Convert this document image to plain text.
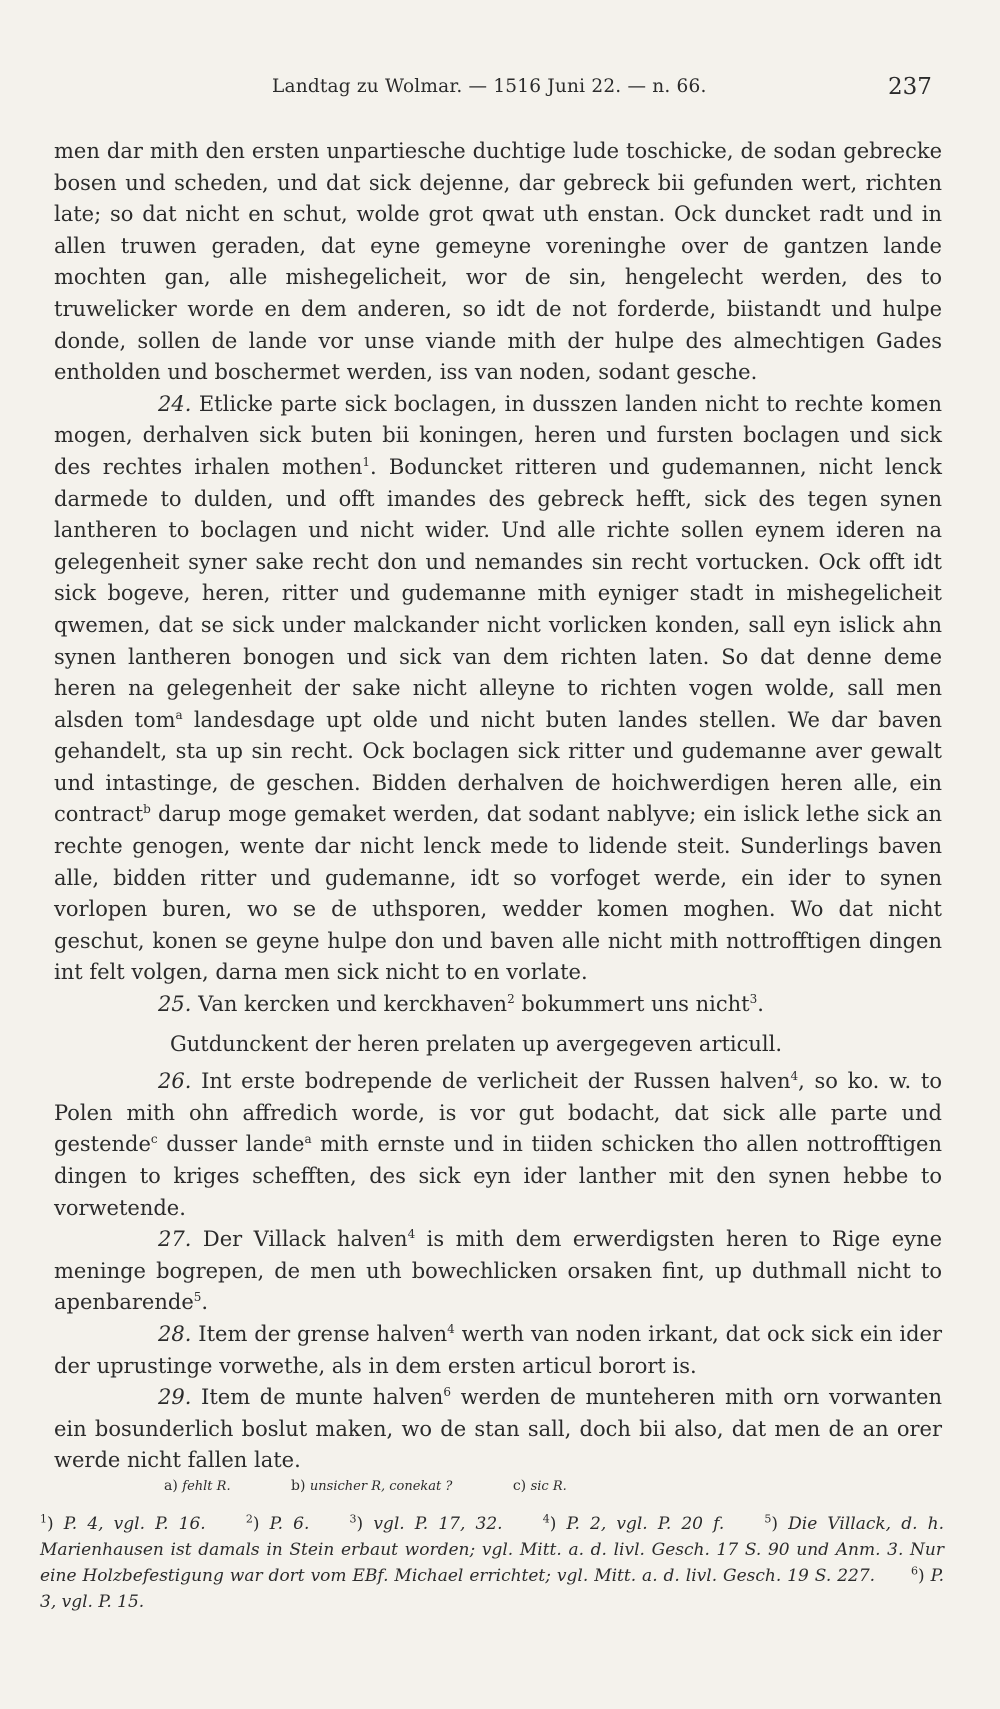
Landtag zu Wolmar. — 1516 Juni 22. — n. 66.	237

men dar mith den ersten unpartiesche duchtige lude toschicke, de sodan gebrecke bosen und scheden, und dat sick dejenne, dar gebreck bii gefunden wert, richten late; so dat nicht en schut, wolde grot qwat uth enstan. Ock duncket radt und in allen truwen geraden, dat eyne gemeyne voreninghe over de gantzen lande mochten gan, alle mishegelicheit, wor de sin, hengelecht werden, des to truwelicker worde en dem anderen, so idt de not forderde, biistandt und hulpe donde, sollen de lande vor unse viande mith der hulpe des almechtigen Gades entholden und boschermet werden, iss van noden, sodant gesche.

24. Etlicke parte sick boclagen, in dusszen landen nicht to rechte komen mogen, derhalven sick buten bii koningen, heren und fursten boclagen und sick des rechtes irhalen mothen$^1$. Boduncket ritteren und gudemannen, nicht lenck darmede to dulden, und offt imandes des gebreck hefft, sick des tegen synen lantheren to boclagen und nicht wider. Und alle richte sollen eynem ideren na gelegenheit syner sake recht don und nemandes sin recht vortucken. Ock offt idt sick bogeve, heren, ritter und gudemanne mith eyniger stadt in mishegelicheit qwemen, dat se sick under malckander nicht vorlicken konden, sall eyn islick ahn synen lantheren bonogen und sick van dem richten laten. So dat denne deme heren na gelegenheit der sake nicht alleyne to richten vogen wolde, sall men alsden tom$^a$ landesdage upt olde und nicht buten landes stellen. We dar baven gehandelt, sta up sin recht. Ock boclagen sick ritter und gudemanne aver gewalt und intastinge, de geschen. Bidden derhalven de hoichwerdigen heren alle, ein contract$^b$ darup moge gemaket werden, dat sodant nablyve; ein islick lethe sick an rechte genogen, wente dar nicht lenck mede to lidende steit. Sunderlings baven alle, bidden ritter und gudemanne, idt so vorfoget werde, ein ider to synen vorlopen buren, wo se de uthsporen, wedder komen moghen. Wo dat nicht geschut, konen se geyne hulpe don und baven alle nicht mith nottrofftigen dingen int felt volgen, darna men sick nicht to en vorlate.

25. Van kercken und kerckhaven$^2$ bokummert uns nicht$^3$.

Gutdunckent der heren prelaten up avergegeven articull.

26. Int erste bodrepende de verlicheit der Russen halven$^4$, so ko. w. to Polen mith ohn affredich worde, is vor gut bodacht, dat sick alle parte und gestende$^c$ dusser lande$^a$ mith ernste und in tiiden schicken tho allen nottrofftigen dingen to kriges schefften, des sick eyn ider lanther mit den synen hebbe to vorwetende.

27. Der Villack halven$^4$ is mith dem erwerdigsten heren to Rige eyne meninge bogrepen, de men uth bowechlicken orsaken fint, up duthmall nicht to apenbarende$^5$.

28. Item der grense halven$^4$ werth van noden irkant, dat ock sick ein ider der uprustinge vorwethe, als in dem ersten articul borort is.

29. Item de munte halven$^6$ werden de munteheren mith orn vorwanten ein bosunderlich boslut maken, wo de stan sall, doch bii also, dat men de an orer werde nicht fallen late.

a) fehlt R.	b) unsicher R, conekat ?	c) sic R.
$^1$) P. 4, vgl. P. 16.	$^2$) P. 6.	$^3$) vgl. P. 17, 32.	$^4$) P. 2, vgl. P. 20 f.	$^5$) Die Villack, d. h. Marienhausen ist damals in Stein erbaut worden; vgl. Mitt. a. d. livl. Gesch. 17 S. 90 und Anm. 3. Nur eine Holzbefestigung war dort vom EBf. Michael errichtet; vgl. Mitt. a. d. livl. Gesch. 19 S. 227.	$^6$) P. 3, vgl. P. 15.
